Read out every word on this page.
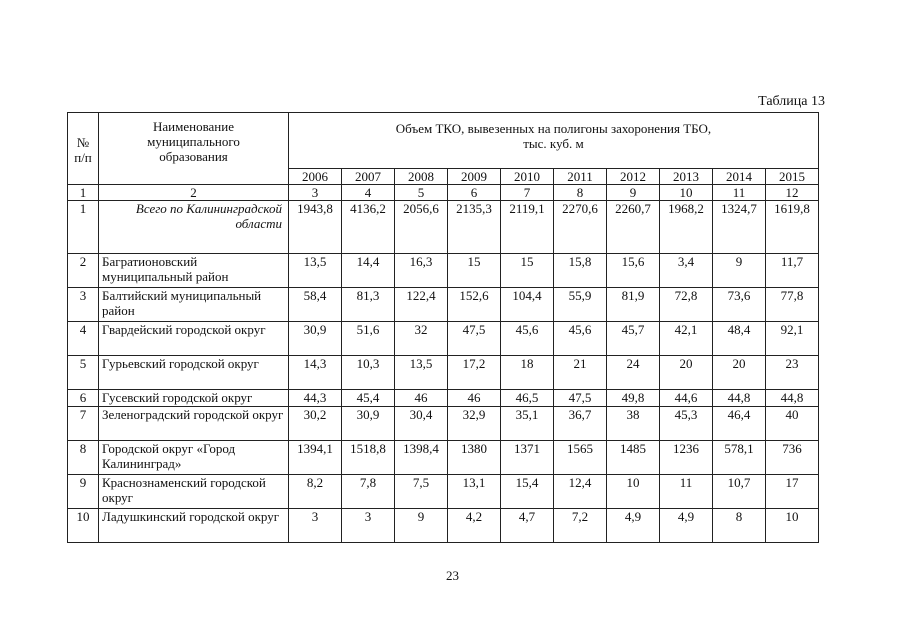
Таблица 13
№ п/п	Наименование муниципального образования	Объем ТКО, вывезенных на полигоны захоронения ТБО, тыс. куб. м									
		2006	2007	2008	2009	2010	2011	2012	2013	2014	2015
1	2	3	4	5	6	7	8	9	10	11	12
1	Всего по Калининградской области	1943,8	4136,2	2056,6	2135,3	2119,1	2270,6	2260,7	1968,2	1324,7	1619,8
2	Багратионовский муниципальный район	13,5	14,4	16,3	15	15	15,8	15,6	3,4	9	11,7
3	Балтийский муниципальный район	58,4	81,3	122,4	152,6	104,4	55,9	81,9	72,8	73,6	77,8
4	Гвардейский городской округ	30,9	51,6	32	47,5	45,6	45,6	45,7	42,1	48,4	92,1
5	Гурьевский городской округ	14,3	10,3	13,5	17,2	18	21	24	20	20	23
6	Гусевский городской округ	44,3	45,4	46	46	46,5	47,5	49,8	44,6	44,8	44,8
7	Зеленоградский городской округ	30,2	30,9	30,4	32,9	35,1	36,7	38	45,3	46,4	40
8	Городской округ «Город Калининград»	1394,1	1518,8	1398,4	1380	1371	1565	1485	1236	578,1	736
9	Краснознаменский городской округ	8,2	7,8	7,5	13,1	15,4	12,4	10	11	10,7	17
10	Ладушкинский городской округ	3	3	9	4,2	4,7	7,2	4,9	4,9	8	10
23
